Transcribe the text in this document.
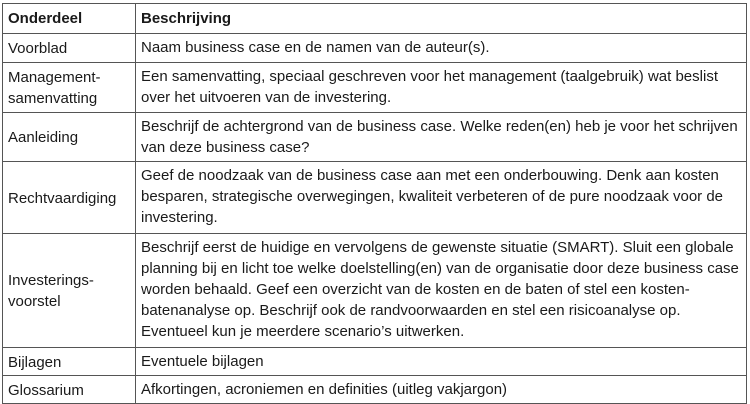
Onderdeel	Beschrijving
Voorblad	Naam business case en de namen van de auteur(s).
Management-
samenvatting	Een samenvatting, speciaal geschreven voor het management (taalgebruik) wat beslist over het uitvoeren van de investering.
Aanleiding	Beschrijf de achtergrond van de business case. Welke reden(en) heb je voor het schrijven van deze business case?
Rechtvaardiging	Geef de noodzaak van de business case aan met een onderbouwing. Denk aan kosten besparen, strategische overwegingen, kwaliteit verbeteren of de pure noodzaak voor de investering.
Investerings-
voorstel	Beschrijf eerst de huidige en vervolgens de gewenste situatie (SMART). Sluit een globale planning bij en licht toe welke doelstelling(en) van de organisatie door deze business case worden behaald. Geef een overzicht van de kosten en de baten of stel een kosten- batenanalyse op. Beschrijf ook de randvoorwaarden en stel een risicoanalyse op. Eventueel kun je meerdere scenario’s uitwerken.
Bijlagen	Eventuele bijlagen
Glossarium	Afkortingen, acroniemen en definities (uitleg vakjargon)
